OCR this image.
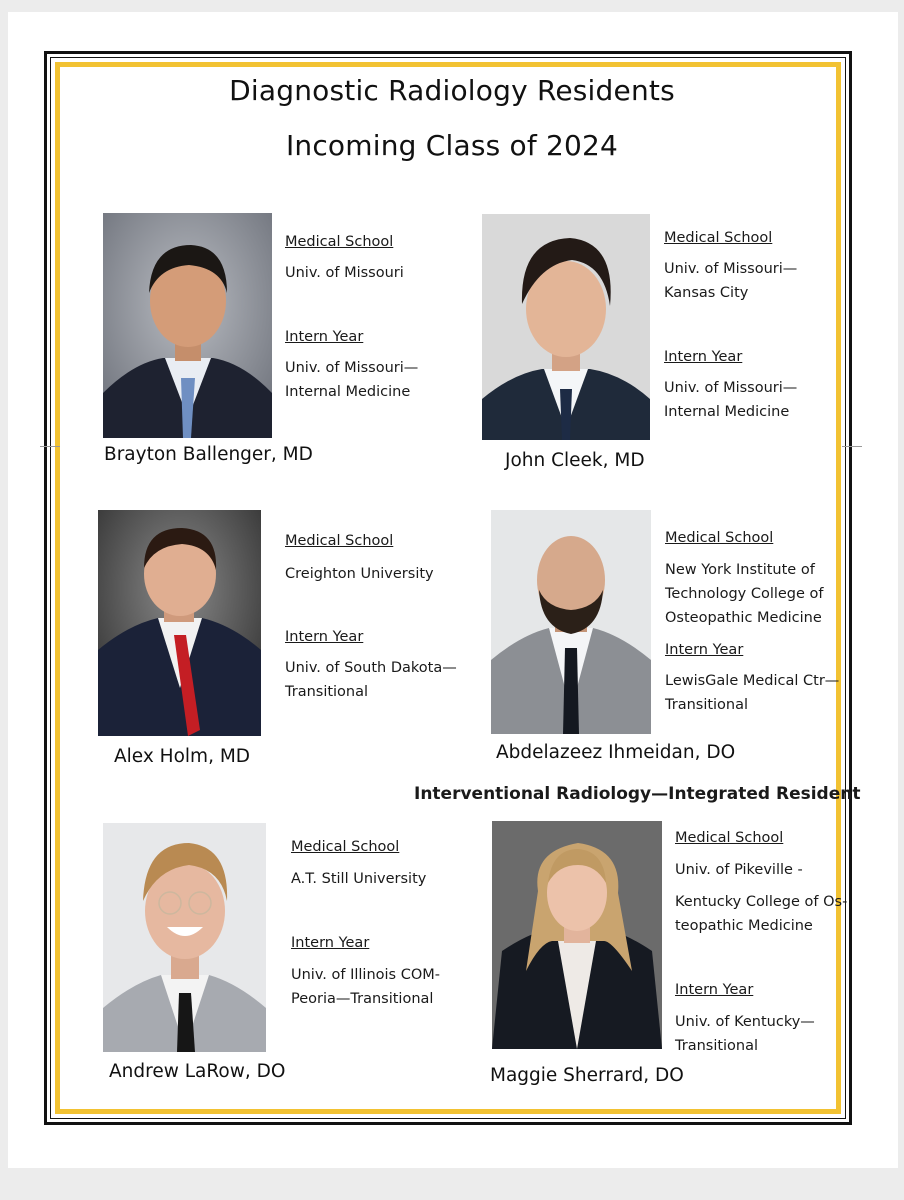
Diagnostic Radiology Residents
Incoming Class of 2024
Medical School
Univ. of Missouri
Intern Year
Univ. of Missouri—
Internal Medicine
Brayton Ballenger, MD
Medical School
Univ. of Missouri—
Kansas City
Intern Year
Univ. of Missouri—
Internal Medicine
John Cleek, MD
Medical School
Creighton University
Intern Year
Univ. of South Dakota—
Transitional
Alex Holm, MD
Medical School
New York Institute of
Technology College of
Osteopathic Medicine
Intern Year
LewisGale Medical Ctr—
Transitional
Abdelazeez Ihmeidan, DO
Interventional Radiology—Integrated Resident
Medical School
A.T. Still University
Intern Year
Univ. of Illinois COM-
Peoria—Transitional
Andrew LaRow, DO
Medical School
Univ. of Pikeville -
Kentucky College of Os-
teopathic Medicine
Intern Year
Univ. of Kentucky—
Transitional
Maggie Sherrard, DO
